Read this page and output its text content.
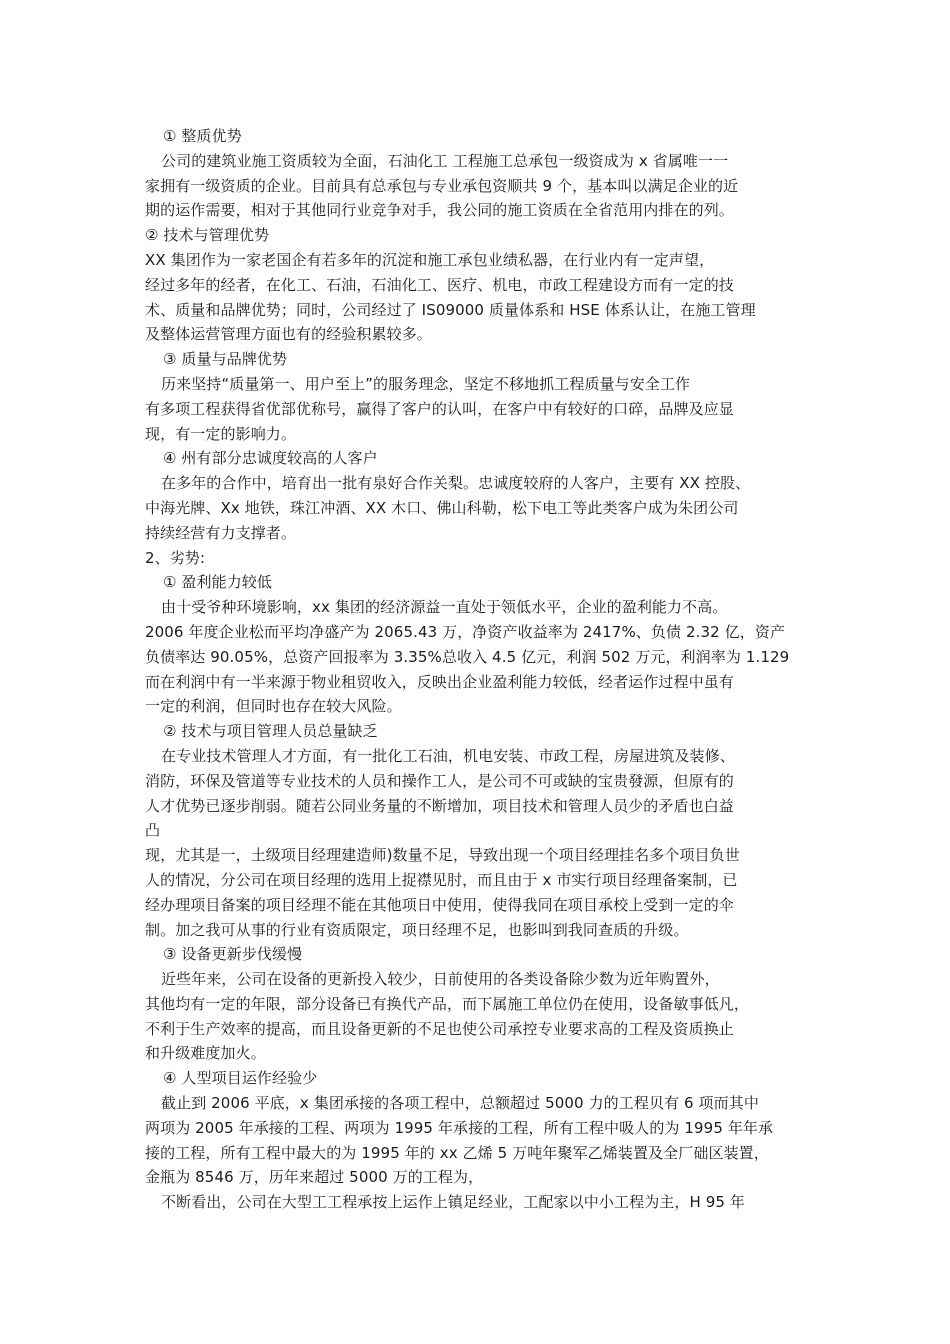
① 整质优势
公司的建筑业施工资质较为全面，石油化工 工程施工总承包一级资成为 x 省属唯一一
家拥有一级资质的企业。目前具有总承包与专业承包资顺共 9 个，基本叫以满足企业的近
期的运作需要，相对于其他同行业竞争对手，我公同的施工资质在全省范用内排在的列。
② 技术与管理优势
XX 集团作为一家老国企有若多年的沉淀和施工承包业绩私器，在行业内有一定声望，
经过多年的经者，在化工、石油，石油化工、医疗、机电，市政工程建设方而有一定的技
术、质量和品牌优势；同时，公司经过了 IS09000 质量体系和 HSE 体系认让，在施工管理
及整体运营管理方面也有的经验积累较多。
③ 质量与品牌优势
历来坚持“质量第一、用户至上”的服务理念，坚定不移地抓工程质量与安全工作
有多项工程获得省优部优称号，赢得了客户的认叫，在客户中有较好的口碎，品牌及应显
现，有一定的影响力。
④ 州有部分忠诚度较高的人客户
在多年的合作中，培育出一批有泉好合作关梨。忠诚度较府的人客户，主要有 XX 控股、
中海光牌、Xx 地铁，珠江冲酒、XX 木口、佛山科勒，松下电工等此类客户成为朱团公司
持续经营有力支撑者。
2、劣势:
① 盈利能力较低
由十受爷种环境影响，xx 集团的经济源益一直处于领低水平，企业的盈利能力不高。
2006 年度企业松而平均净盛产为 2065.43 万，净资产收益率为 2417%、负债 2.32 亿，资产
负债率达 90.05%，总资产回报率为 3.35%总收入 4.5 亿元，利润 502 万元，利润率为 1.129
而在利润中有一半来源于物业租贸收入，反映出企业盈利能力较低，经者运作过程中虽有
一定的利润，但同时也存在较大风险。
② 技术与项目管理人员总量缺乏
在专业技术管理人才方面，有一批化工石油，机电安装、市政工程，房屋进筑及装修、
消防，环保及管道等专业技术的人员和操作工人，是公司不可或缺的宝贵發源，但原有的
人才优势已逐步削弱。随若公同业务量的不断增加，项目技术和管理人员少的矛盾也白益
凸
现，尤其是一，土级项目经理建造师)数量不足，导致出现一个项目经理挂名多个项目负世
人的情况，分公司在项目经理的选用上捉襟见肘，而且由于 x 市实行项目经理备案制，已
经办理项目备案的项目经理不能在其他项日中使用，使得我同在项目承校上受到一定的伞
制。加之我可从事的行业有资质限定，项日经理不足，也影叫到我同查质的升级。
③ 设备更新步伐缓慢
近些年来，公司在设备的更新投入较少，日前使用的各类设备除少数为近年购置外，
其他均有一定的年限，部分设备已有换代产品，而下属施工单位仍在使用，设备敏事低凡，
不利于生产效率的提高，而且设备更新的不足也使公司承控专业要求高的工程及资质换止
和升级难度加火。
④ 人型项目运作经验少
截止到 2006 平底，x 集团承接的各项工程中，总额超过 5000 力的工程贝有 6 项而其中
两项为 2005 年承接的工程、两项为 1995 年承接的工程，所有工程中吸人的为 1995 年年承
接的工程，所有工程中最大的为 1995 年的 xx 乙烯 5 万吨年聚军乙烯装置及全厂础区装置，
金瓶为 8546 万，历年来超过 5000 万的工程为，
不断看出，公司在大型工工程承按上运作上镇足经业，工配家以中小工程为主，H 95 年
